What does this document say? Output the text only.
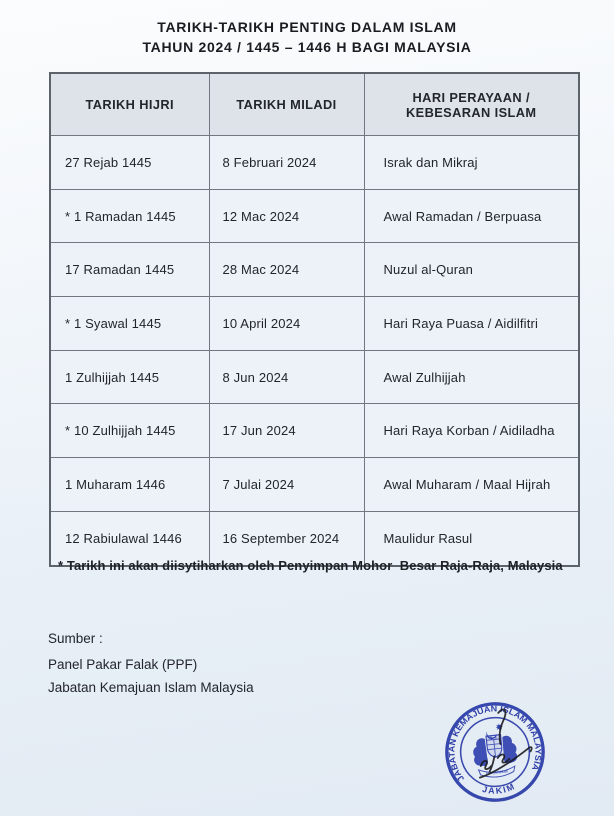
TARIKH-TARIKH PENTING DALAM ISLAM
TAHUN 2024 / 1445 – 1446 H BAGI MALAYSIA
TARIKH HIJRI	TARIKH MILADI	HARI PERAYAAN / KEBESARAN ISLAM
27 Rejab 1445	8 Februari 2024	Israk dan Mikraj
* 1 Ramadan 1445	12 Mac 2024	Awal Ramadan / Berpuasa
17 Ramadan 1445	28 Mac 2024	Nuzul al-Quran
* 1 Syawal 1445	10 April 2024	Hari Raya Puasa / Aidilfitri
1 Zulhijjah 1445	8 Jun 2024	Awal Zulhijjah
* 10 Zulhijjah 1445	17 Jun 2024	Hari Raya Korban / Aidiladha
1 Muharam 1446	7 Julai 2024	Awal Muharam / Maal Hijrah
12 Rabiulawal 1446	16 September 2024	Maulidur Rasul
* Tarikh ini akan diisytiharkan oleh Penyimpan Mohor  Besar Raja-Raja, Malaysia
Sumber :
Panel Pakar Falak (PPF)
Jabatan Kemajuan Islam Malaysia
JABATAN KEMAJUAN ISLAM MALAYSIA
JAKIM
Penyelidikan
